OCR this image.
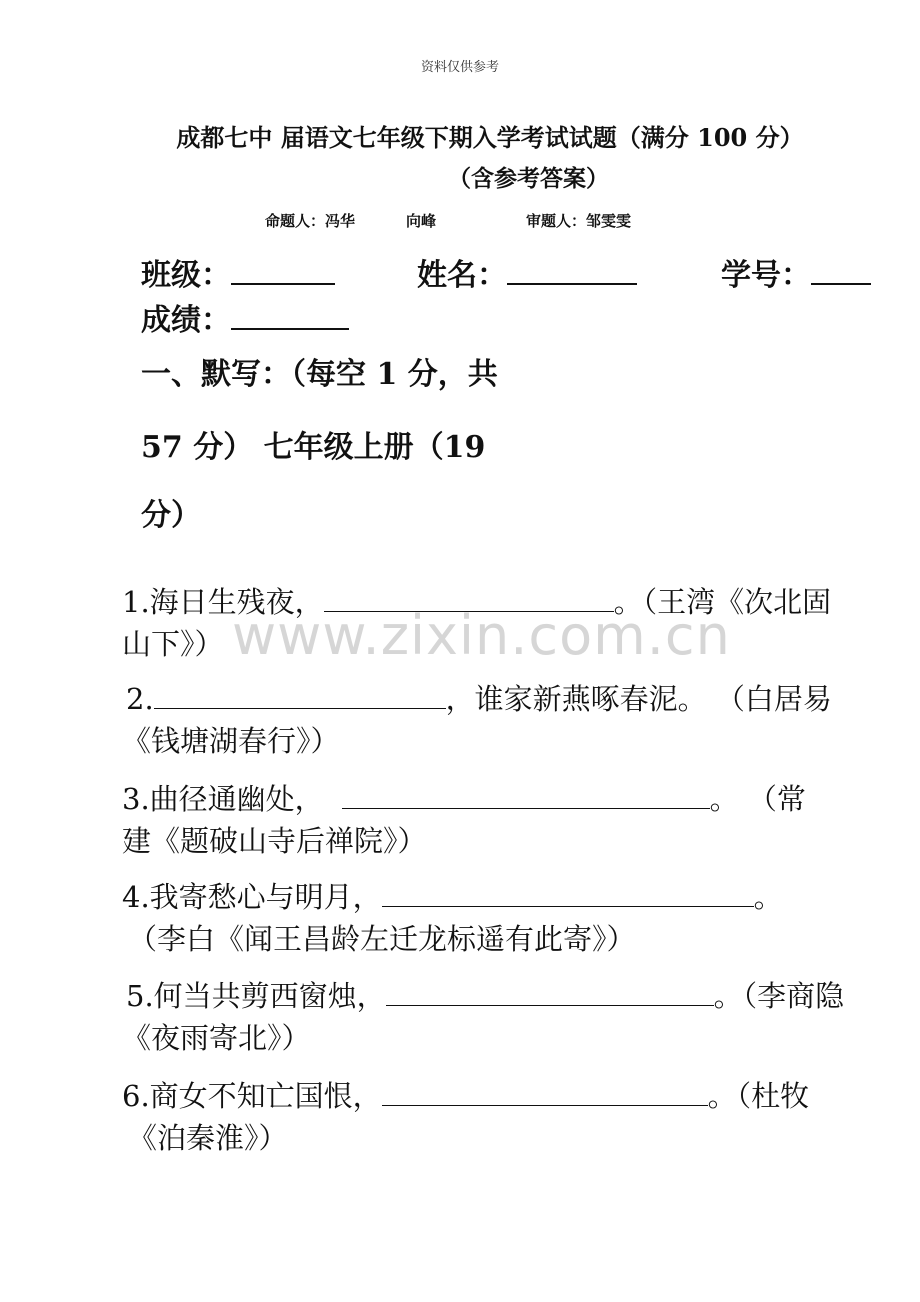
资料仅供参考
成都七中 届语文七年级下期入学考试试题（满分 100 分）
（含参考答案）
命题人：冯华	向峰	审题人：邹雯雯
班级：	姓名：	学号：
成绩：
一、默写：（每空 1 分，共
57 分） 七年级上册（19
分）
www.zixin.com.cn
1.海日生残夜，	。（王湾《次北固
山下》）
2.	，谁家新燕啄春泥。 （白居易
《钱塘湖春行》）
3.曲径通幽处，	。 （常
建《题破山寺后禅院》）
4.我寄愁心与明月，	。
（李白《闻王昌龄左迁龙标遥有此寄》）
5.何当共剪西窗烛，	。（李商隐
《夜雨寄北》）
6.商女不知亡国恨，	。（杜牧
《泊秦淮》）
